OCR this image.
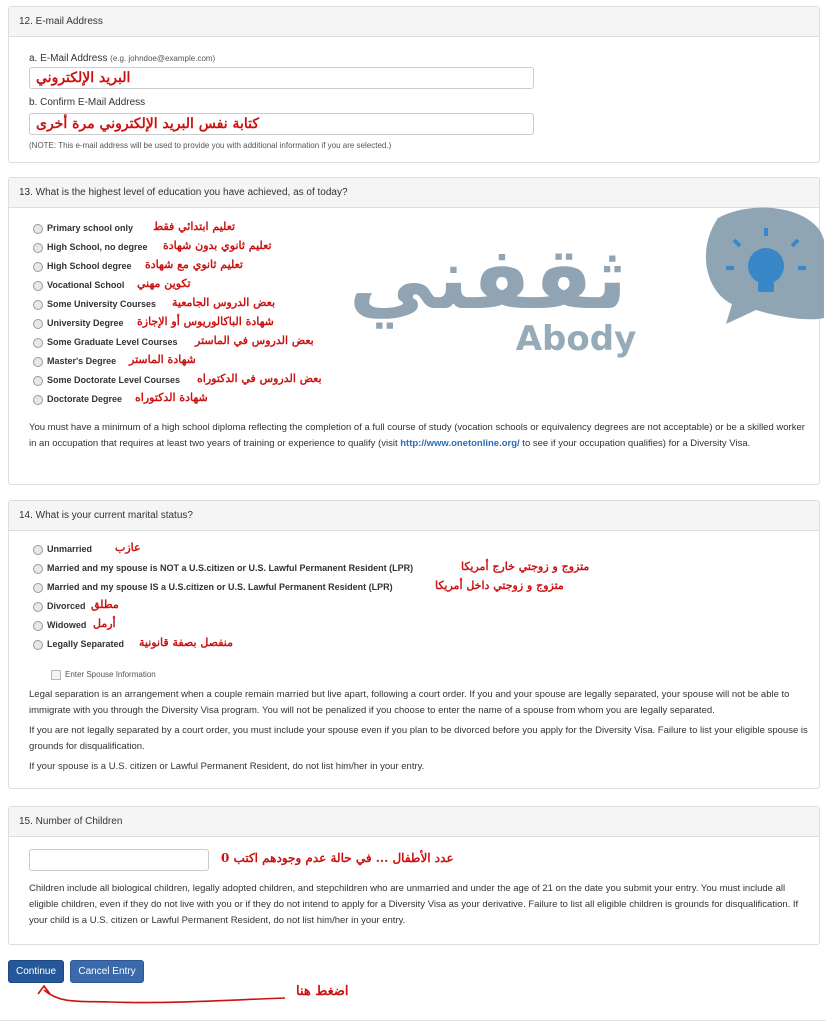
12. E-mail Address
a. E-Mail Address (e.g. johndoe@example.com)
البريد الإلكتروني
b. Confirm E-Mail Address
كتابة نفس البريد الإلكتروني مرة أخرى
(NOTE: This e-mail address will be used to provide you with additional information if you are selected.)
13. What is the highest level of education you have achieved, as of today?
Primary school only تعليم ابتدائي فقط
High School, no degree تعليم ثانوي بدون شهادة
High School degree تعليم ثانوي مع شهادة
Vocational School تكوين مهني
Some University Courses بعض الدروس الجامعية
University Degree شهادة الباكالوريوس أو الإجازة
Some Graduate Level Courses بعض الدروس في الماستر
Master's Degree شهادة الماستر
Some Doctorate Level Courses بعض الدروس في الدكتوراه
Doctorate Degree شهادة الدكتوراه
You must have a minimum of a high school diploma reflecting the completion of a full course of study (vocation schools or equivalency degrees are not acceptable) or be a skilled worker in an occupation that requires at least two years of training or experience to qualify (visit http://www.onetonline.org/ to see if your occupation qualifies) for a Diversity Visa.
ثقفني
Abody
14. What is your current marital status?
Unmarried عازب
Married and my spouse is NOT a U.S.citizen or U.S. Lawful Permanent Resident (LPR)	متزوج و زوجتي خارج أمريكا
Married and my spouse IS a U.S.citizen or U.S. Lawful Permanent Resident (LPR)	متزوج و زوجتي داخل أمريكا
Divorced مطلق
Widowed أرمل
Legally Separated منفصل بصفة قانونية
Enter Spouse Information
Legal separation is an arrangement when a couple remain married but live apart, following a court order. If you and your spouse are legally separated, your spouse will not be able to immigrate with you through the Diversity Visa program. You will not be penalized if you choose to enter the name of a spouse from whom you are legally separated.
If you are not legally separated by a court order, you must include your spouse even if you plan to be divorced before you apply for the Diversity Visa. Failure to list your eligible spouse is grounds for disqualification.
If your spouse is a U.S. citizen or Lawful Permanent Resident, do not list him/her in your entry.
15. Number of Children
عدد الأطفال ... في حالة عدم وجودهم اكتب 0
Children include all biological children, legally adopted children, and stepchildren who are unmarried and under the age of 21 on the date you submit your entry. You must include all eligible children, even if they do not live with you or if they do not intend to apply for a Diversity Visa as your derivative. Failure to list all eligible children is grounds for disqualification. If your child is a U.S. citizen or Lawful Permanent Resident, do not list him/her in your entry.
Continue	Cancel Entry
اضغط هنا
